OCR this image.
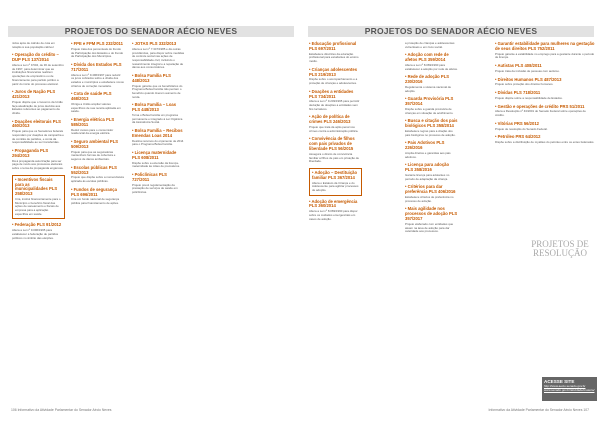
PROJETOS DO SENADOR AÉCIO NEVES	PROJETOS DO SENADOR AÉCIO NEVES
nidos após de cálculo de cota em relação à sua população cabível
• Operação do crédito – DUP PLS 137/2014
Altera a Lei nº 9.504, de 30 de setembro de 1997, para determinar que as instituições financeiras realizem operações de empréstimo ou de financiamento para partido político a partir do início do processo eleitoral.
• Juros de Nação PLS 421/2013
Projeto dispõe que o Governo da União faça atualização de juros devidos aos Estados referentes ao pagamento da dívida.
• Doações eleitorais PLS 460/2013
Projeto para que os Senadores federais respondam por doações de campanha e de comitês de partidos, e conta da responsabilidade ao ser transferidas.
• Propaganda PLS 294/2013
Dá à propaganda autorização para ser paga de modo aos processos eleitorais sobre o tema da propaganda enganosa.
• Incentivos fiscais para as municipalidades PLS 258/2013
Cria, institui financeiramente para o Município o benefício fiscal das ações de saneamento e fiscais de empresa para a aplicação específica em saúde.
• Federação PLS 91/2012
Altera a Lei nº 9.096/1995 para estabelecer a federação de partidos políticos no âmbito das eleições.
• FPE e FPM PLS 232/2011
Projeto trata dos percentuais do Fundo de Participação dos Estados e do Fundo de Participação dos Municípios.
• Dívida dos Estados PLS 717/2011
Altera a Lei nº 9.496/1997 para reduzir os juros cobrados sobre a dívida dos estados e municípios e estabelece novos critérios de correção monetária.
• Cota de saúde PLS 468/2013
Obriga a União ampliar valores específicos de sua receita aplicada em saúde.
• Energia elétrica PLS 585/2011
Reduz custos para o consumidor residencial da energia elétrica.
• Seguro ambiental PLS 509/2013
Projeto para que as seguradoras mantenham formas de cobertura e seguros de danos ambientais.
• Escolas públicas PLS 552/2013
Projeto que dispõe sobre a nomenclatura aplicada às escolas públicas.
• Fundos de segurança PLS 696/2011
Cria um fundo nacional de segurança pública para financiamento de ações.
• JOTAS PLS 332/2013
Altera a Lei nº 7.347/1985 e dá outras providências, para dispor sobre medidas de controle social nas ações de responsabilidade civil, incluindo o ressarcimento integral e a reparação de danos aos consumidores.
• Bolsa Família PLS 448/2013
Projeto garante que os beneficiários do Programa Bolsa Família não percam o benefício quando tiverem aumento de renda.
• Bolsa Família – Loas PLS 448/2013
Torna o Bolsa Família um programa permanente e integrado à Lei Orgânica da Assistência Social.
• Bolsa Família – Recibos Emendas Loas 2014
Destina recursos do orçamento de 2014 para o Programa Bolsa Família.
• Licença maternidade PLS 608/2011
Dispõe sobre a extensão da licença-maternidade às mães de prematuros.
• Policlínicas PLS 727/2011
Projeto prevê regulamentação da prestação de serviços de saúde em policlínicas.
• Educação profissional PLS 697/2011
Estabelece diretrizes da educação profissional para estudantes do ensino médio.
• Crianças adolescentes PLS 219/2013
Dispõe sobre o acompanhamento e a proteção de crianças e adolescentes.
• Doações a entidades PLS 734/2011
Altera a Lei nº 9.249/1995 para permitir dedução de doações a entidades sem fins lucrativos.
• Ação de política de crimes PLS 246/2013
Projeto que trata da ação penal nos crimes contra a administração pública.
• Convivência de filhos com pais privados de liberdade PLS 56/2015
Assegura o direito de convivência familiar a filhos de pais em privação de liberdade.
• Adoção – Destituição familiar PLS 367/2014
Altera o Estatuto da Criança e do Adolescente para agilizar processos de adoção.
• Adoção de emergência PLS 360/2014
Altera a Lei nº 8.069/1990 para dispor sobre os cuidados emergenciais em casos de adoção.
a proteção de crianças e adolescentes vulneráveis e em risco social.
• Adoção com rede de afetos PLS 359/2014
Altera a Lei nº 8.069/1990 para estabelecer a adoção por rede de afetos.
• Rede de adoção PLS 230/2016
Regulamenta o sistema nacional de adoção.
• Guarda Provisória PLS 357/2014
Dispõe sobre a guarda provisória de crianças em situação de acolhimento.
• Busca e citação dos pais biológicos PLS 358/2014
Estabelece regras para a citação dos pais biológicos no processo de adoção.
• Pais Adotivos PLS 226/2016
Amplia direitos e garantias aos pais adotivos.
• Licença para adoção PLS 358/2016
Garante licença para adotantes no período de adaptação da criança.
• Critérios para dar preferência PLS 406/2016
Estabelece critérios de preferência no processo de adoção.
• Mais agilidade nos processos de adoção PLS 357/2017
Projeto elaborado com entidades que atuam na área de adoção para dar celeridade aos processos.
• Garantir estabilidade para mulheres na gestação de seus direitos PLS 752/2011
Projeto garante a estabilidade no emprego para a gestante durante o período de licença.
• Autistas PLS 408/2011
Projeto trata da inclusão de pessoas com autismo.
• Direitos Humanos PLS 487/2013
Projeto sobre proteção dos direitos humanos.
• Dívidas PLS 718/2011
Projeto dispõe sobre a responsabilidade de Estados.
• Gestão e operações de crédito PRS 51/2011
Altera a Resolução nº 43/2001 do Senado Federal sobre operações de crédito.
• Vitórias PRS 56/2012
Projeto de resolução do Senado Federal.
• Petróleo PRS 64/2012
Dispõe sobre a distribuição de royalties do petróleo entre os entes federados.
PROJETOS DE RESOLUÇÃO
ACESSE SITE
http://www.aecio.senado.gov.br
www.senado.gov.br/atividade/materia/
106 Informativo da Atividade Parlamentar do Senador Aécio Neves	Informativo da Atividade Parlamentar do Senador Aécio Neves 107
